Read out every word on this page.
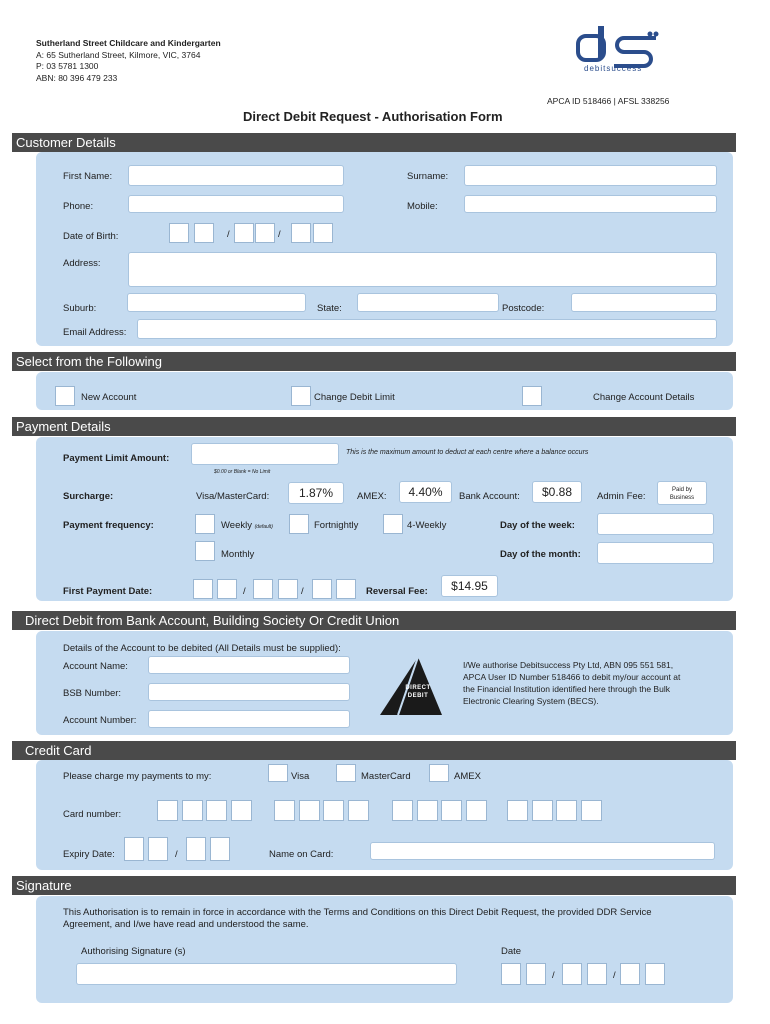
Sutherland Street Childcare and Kindergarten
A: 65 Sutherland Street, Kilmore, VIC, 3764
P: 03 5781 1300
ABN: 80 396 479 233
debitsuccess
APCA ID 518466 | AFSL 338256
Direct Debit Request - Authorisation Form
Customer Details
First Name:	Surname:
Phone:	Mobile:
Date of Birth:	/	/
Address:
Suburb:	State:	Postcode:
Email Address:
Select from the Following
New Account	Change Debit Limit	Change Account Details
Payment Details
Payment Limit Amount:
This is the maximum amount to deduct at each centre where a balance occurs
$0.00 or Blank = No Limit
Surcharge:	Visa/MasterCard:	1.87%	AMEX:	4.40%	Bank Account:	$0.88	Admin Fee:
Paid by
Business
Payment frequency:	Weekly (default)	Fortnightly	4-Weekly	Day of the week:
Monthly	Day of the month:
First Payment Date:	/	/	Reversal Fee:	$14.95
Direct Debit from Bank Account, Building Society Or Credit Union
Details of the Account to be debited (All Details must be supplied):
Account Name:
BSB Number:
Account Number:
DIRECT
DEBIT
I/We authorise Debitsuccess Pty Ltd, ABN 095 551 581,
APCA User ID Number 518466 to debit my/our account at
the Financial Institution identified here through the Bulk
Electronic Clearing System (BECS).
Credit Card
Please charge my payments to my:	Visa	MasterCard	AMEX
Card number:
Expiry Date:	/	Name on Card:
Signature
This Authorisation is to remain in force in accordance with the Terms and Conditions on this Direct Debit Request, the provided DDR Service
Agreement, and I/we have read and understood the same.
Authorising Signature (s)	Date
/	/
